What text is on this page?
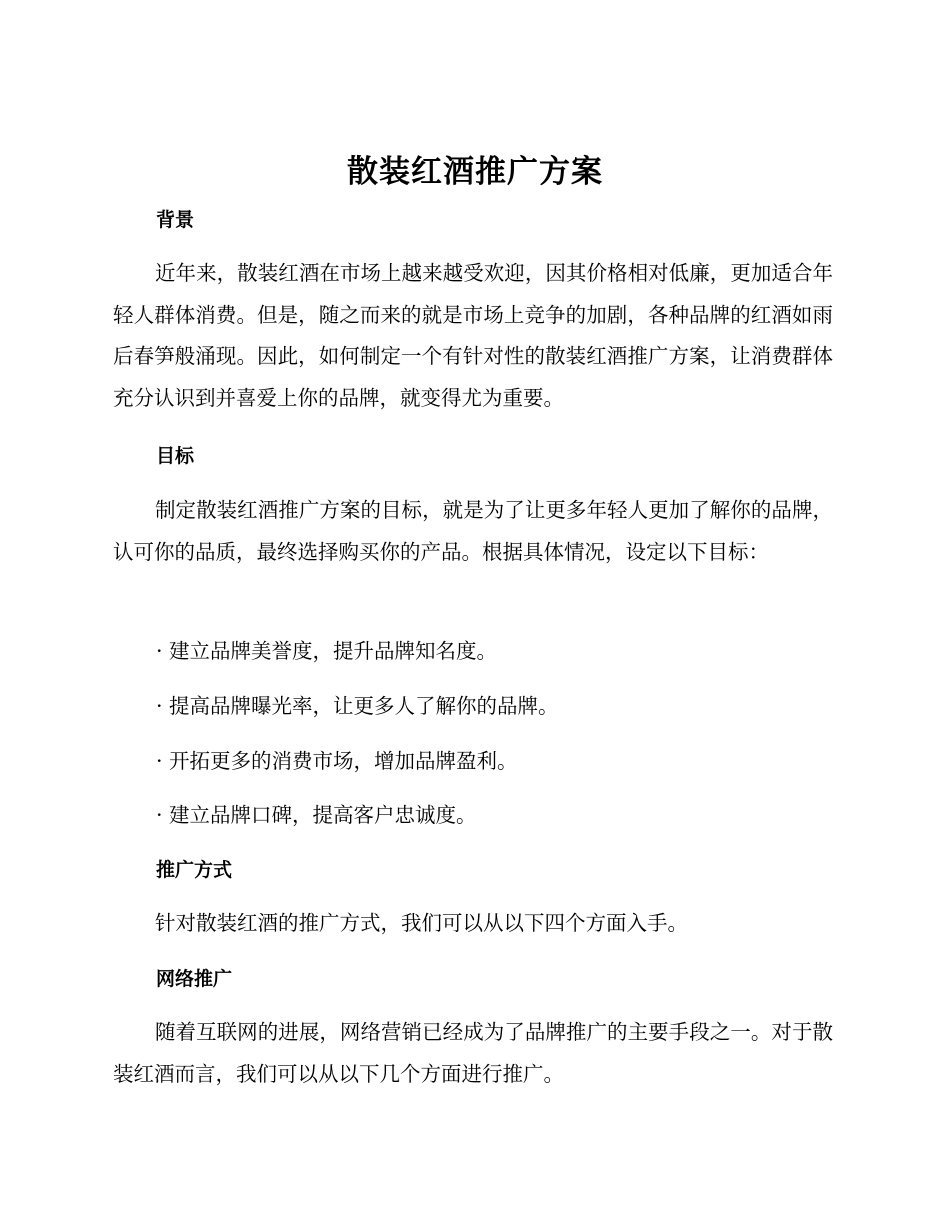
散装红酒推广方案
背景

近年来，散装红酒在市场上越来越受欢迎，因其价格相对低廉，更加适合年轻人群体消费。但是，随之而来的就是市场上竞争的加剧，各种品牌的红酒如雨后春笋般涌现。因此，如何制定一个有针对性的散装红酒推广方案，让消费群体充分认识到并喜爱上你的品牌，就变得尤为重要。

目标

制定散装红酒推广方案的目标，就是为了让更多年轻人更加了解你的品牌，认可你的品质，最终选择购买你的产品。根据具体情况，设定以下目标：

· 建立品牌美誉度，提升品牌知名度。
· 提高品牌曝光率，让更多人了解你的品牌。
· 开拓更多的消费市场，增加品牌盈利。
· 建立品牌口碑，提高客户忠诚度。
推广方式

针对散装红酒的推广方式，我们可以从以下四个方面入手。

网络推广

随着互联网的进展，网络营销已经成为了品牌推广的主要手段之一。对于散装红酒而言，我们可以从以下几个方面进行推广。
